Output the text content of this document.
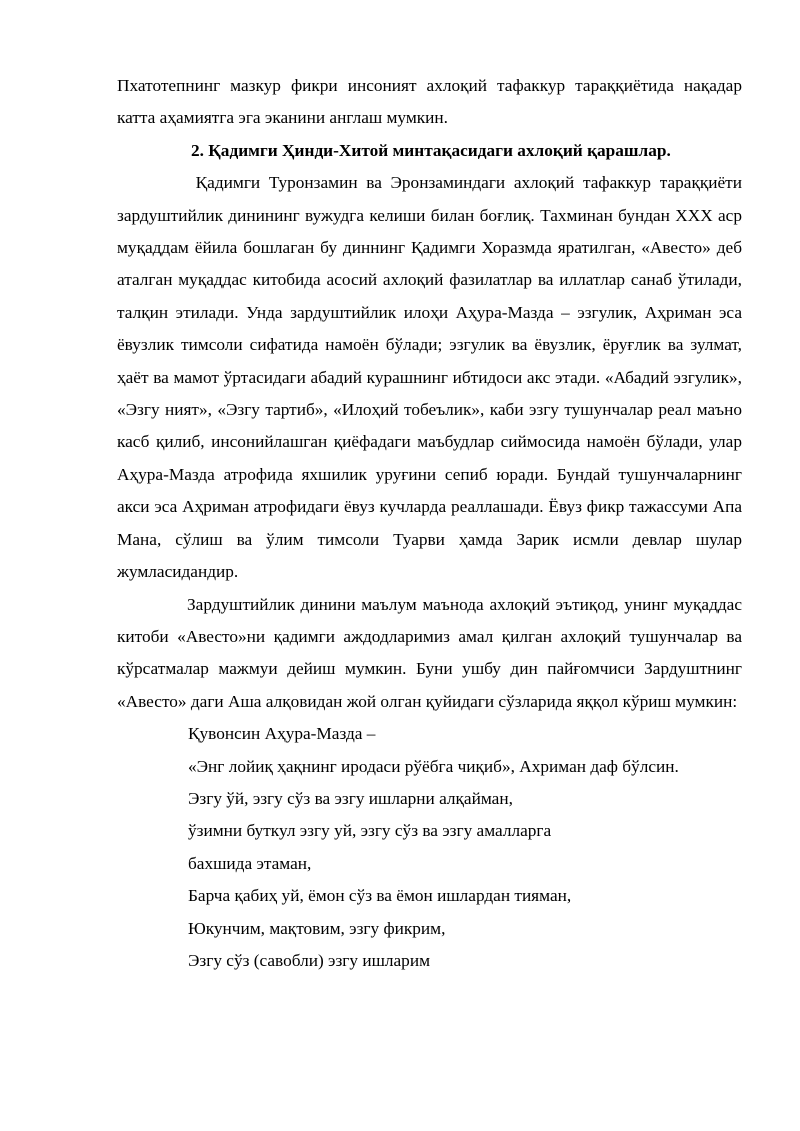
Пхатотепнинг мазкур фикри инсоният ахлоқий тафаккур тараққиётида нақадар катта аҳамиятга эга эканини англаш мумкин.

2. Қадимги Ҳинди-Хитой минтақасидаги ахлоқий қарашлар.

Қадимги Туронзамин ва Эронзаминдаги ахлоқий тафаккур тараққиёти зардуштийлик динининг вужудга келиши билан боғлиқ. Тахминан бундан XXX аср муқаддам ёйила бошлаган бу диннинг Қадимги Хоразмда яратилган, «Авесто» деб аталган муқаддас китобида асосий ахлоқий фазилатлар ва иллатлар санаб ўтилади, талқин этилади. Унда зардуштийлик илоҳи Аҳура-Мазда – эзгулик, Аҳриман эса ёвузлик тимсоли сифатида намоён бўлади; эзгулик ва ёвузлик, ёруғлик ва зулмат, ҳаёт ва мамот ўртасидаги абадий курашнинг ибтидоси акс этади. «Абадий эзгулик», «Эзгу ният», «Эзгу тартиб», «Илоҳий тобеълик», каби эзгу тушунчалар реал маъно касб қилиб, инсонийлашган қиёфадаги маъбудлар сиймосида намоён бўлади, улар Аҳура-Мазда атрофида яхшилик уруғини сепиб юради. Бундай тушунчаларнинг акси эса Аҳриман атрофидаги ёвуз кучларда реаллашади. Ёвуз фикр тажассуми Апа Мана, сўлиш ва ўлим тимсоли Туарви ҳамда Зарик исмли девлар шулар жумласидандир.

Зардуштийлик динини маълум маънода ахлоқий эътиқод, унинг муқаддас китоби «Авесто»ни қадимги аждодларимиз амал қилган ахлоқий тушунчалар ва кўрсатмалар мажмуи дейиш мумкин. Буни ушбу дин пайғомчиси Зардуштнинг «Авесто» даги Аша алқовидан жой олган қуйидаги сўзларида яққол кўриш мумкин:

Қувонсин Аҳура-Мазда –

«Энг лойиқ ҳақнинг иродаси рўёбга чиқиб», Ахриман даф бўлсин.

Эзгу ўй, эзгу сўз ва эзгу ишларни алқайман,

ўзимни буткул эзгу уй, эзгу сўз ва эзгу амалларга

бахшида этаман,

Барча қабиҳ уй, ёмон сўз ва ёмон ишлардан тияман,

Юкунчим, мақтовим, эзгу фикрим,

Эзгу сўз (савобли) эзгу ишларим
